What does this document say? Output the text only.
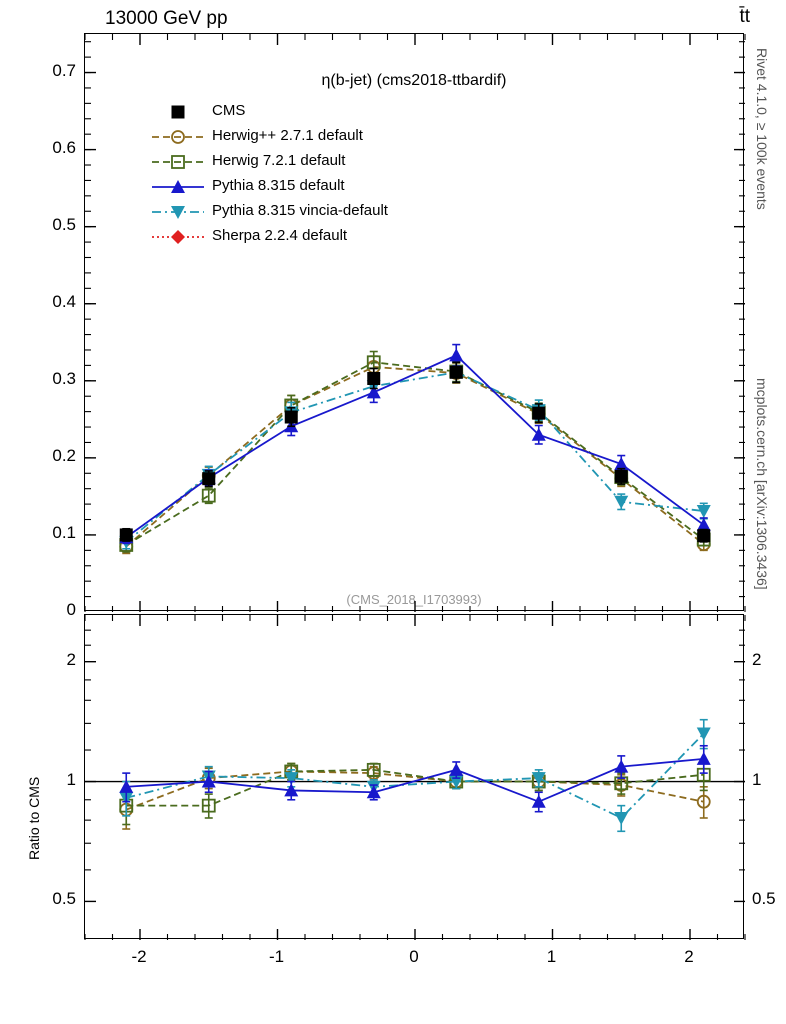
13000 GeV pp	t̄t
Rivet 4.1.0, ≥ 100k events
mcplots.cern.ch [arXiv:1306.3436]
η(b-jet) (cms2018-ttbardif)
(CMS_2018_I1703993)
0.7
0.6
0.5
0.4
0.3
0.2
0.1
0
CMS
Herwig++ 2.7.1 default
Herwig 7.2.1 default
Pythia 8.315 default
Pythia 8.315 vincia-default
Sherpa 2.2.4 default
Ratio to CMS
2
1
0.5
2
1
0.5
-2	-1	0	1	2
